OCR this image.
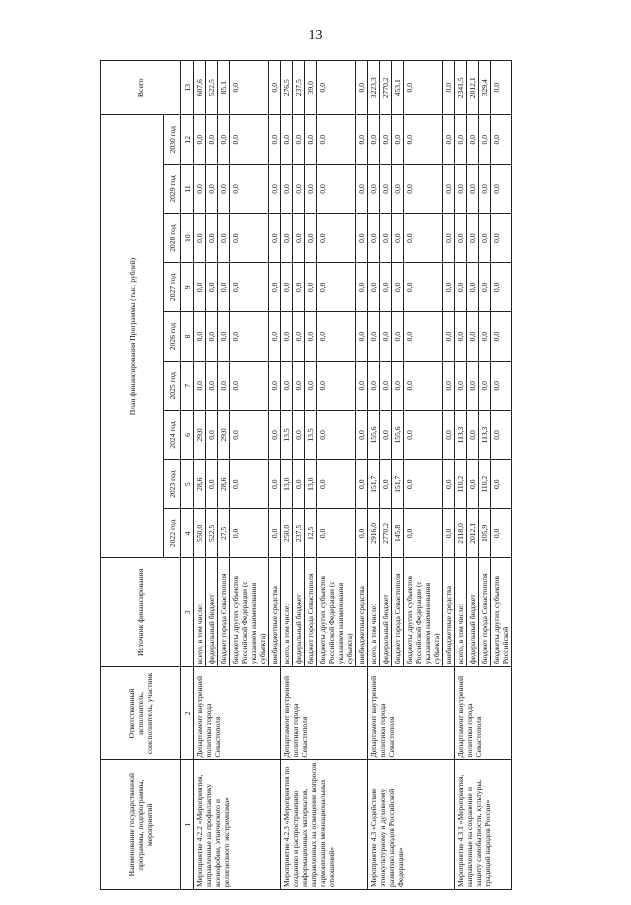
13
Наименование государственной программы, подпрограммы, мероприятий	Ответственный исполнитель, соисполнитель, участник	Источник финансирования	План финансирования Программы (тыс. рублей)									Всего
			2022 год	2023 год	2024 год	2025 год	2026 год	2027 год	2028 год	2029 год	2030 год	
1	2	3	4	5	6	7	8	9	10	11	12	13
Мероприятие 4.2.2 «Мероприятия, направленные на профилактику ксенофобии, этнического и религиозного экстремизма»	Департамент внутренней политики города Севастополя	всего, в том числе:	550,0	28,6	29,0	0,0	0,0	0,0	0,0	0,0	0,0	607,6
		федеральный бюджет	522,5	0,0	0,0	0,0	0,0	0,0	0,0	0,0	0,0	522,5
		бюджет города Севастополя	27,5	28,6	29,0	0,0	0,0	0,0	0,0	0,0	0,0	85,1
		бюджеты других субъектов Российской Федерации (с указанием наименования субъекта)	0,0	0,0	0,0	0,0	0,0	0,0	0,0	0,0	0,0	0,0
		внебюджетные средства	0,0	0,0	0,0	0,0	0,0	0,0	0,0	0,0	0,0	0,0
Мероприятие 4.2.3 «Мероприятия по созданию и распространению информационных материалов, направленных на освещение вопросов гармонизации межнациональных отношений»	Департамент внутренней политики города Севастополя	всего, в том числе:	250,0	13,0	13,5	0,0	0,0	0,0	0,0	0,0	0,0	276,5
		федеральный бюджет	237,5	0,0	0,0	0,0	0,0	0,0	0,0	0,0	0,0	237,5
		бюджет города Севастополя	12,5	13,0	13,5	0,0	0,0	0,0	0,0	0,0	0,0	39,0
		бюджеты других субъектов Российской Федерации (с указанием наименования субъекта)	0,0	0,0	0,0	0,0	0,0	0,0	0,0	0,0	0,0	0,0
		внебюджетные средства	0,0	0,0	0,0	0,0	0,0	0,0	0,0	0,0	0,0	0,0
Мероприятие 4.3 «Содействие этнокультурному и духовному развитию народов Российской Федерации»	Департамент внутренней политики города Севастополя	всего, в том числе:	2916,0	151,7	155,6	0,0	0,0	0,0	0,0	0,0	0,0	3223,3
		федеральный бюджет	2770,2	0,0	0,0	0,0	0,0	0,0	0,0	0,0	0,0	2770,2
		бюджет города Севастополя	145,8	151,7	155,6	0,0	0,0	0,0	0,0	0,0	0,0	453,1
		бюджеты других субъектов Российской Федерации (с указанием наименования субъекта)	0,0	0,0	0,0	0,0	0,0	0,0	0,0	0,0	0,0	0,0
		внебюджетные средства	0,0	0,0	0,0	0,0	0,0	0,0	0,0	0,0	0,0	0,0
Мероприятие 4.3.1 «Мероприятия, направленные на сохранение и защиту самобытности, культуры, традиций народов России»	Департамент внутренней политики города Севастополя	всего, в том числе:	2118,0	110,2	113,3	0,0	0,0	0,0	0,0	0,0	0,0	2341,5
		федеральный бюджет	2012,1	0,0	0,0	0,0	0,0	0,0	0,0	0,0	0,0	2012,1
		бюджет города Севастополя	105,9	110,2	113,3	0,0	0,0	0,0	0,0	0,0	0,0	329,4
		бюджеты других субъектов Российской	0,0	0,0	0,0	0,0	0,0	0,0	0,0	0,0	0,0	0,0
